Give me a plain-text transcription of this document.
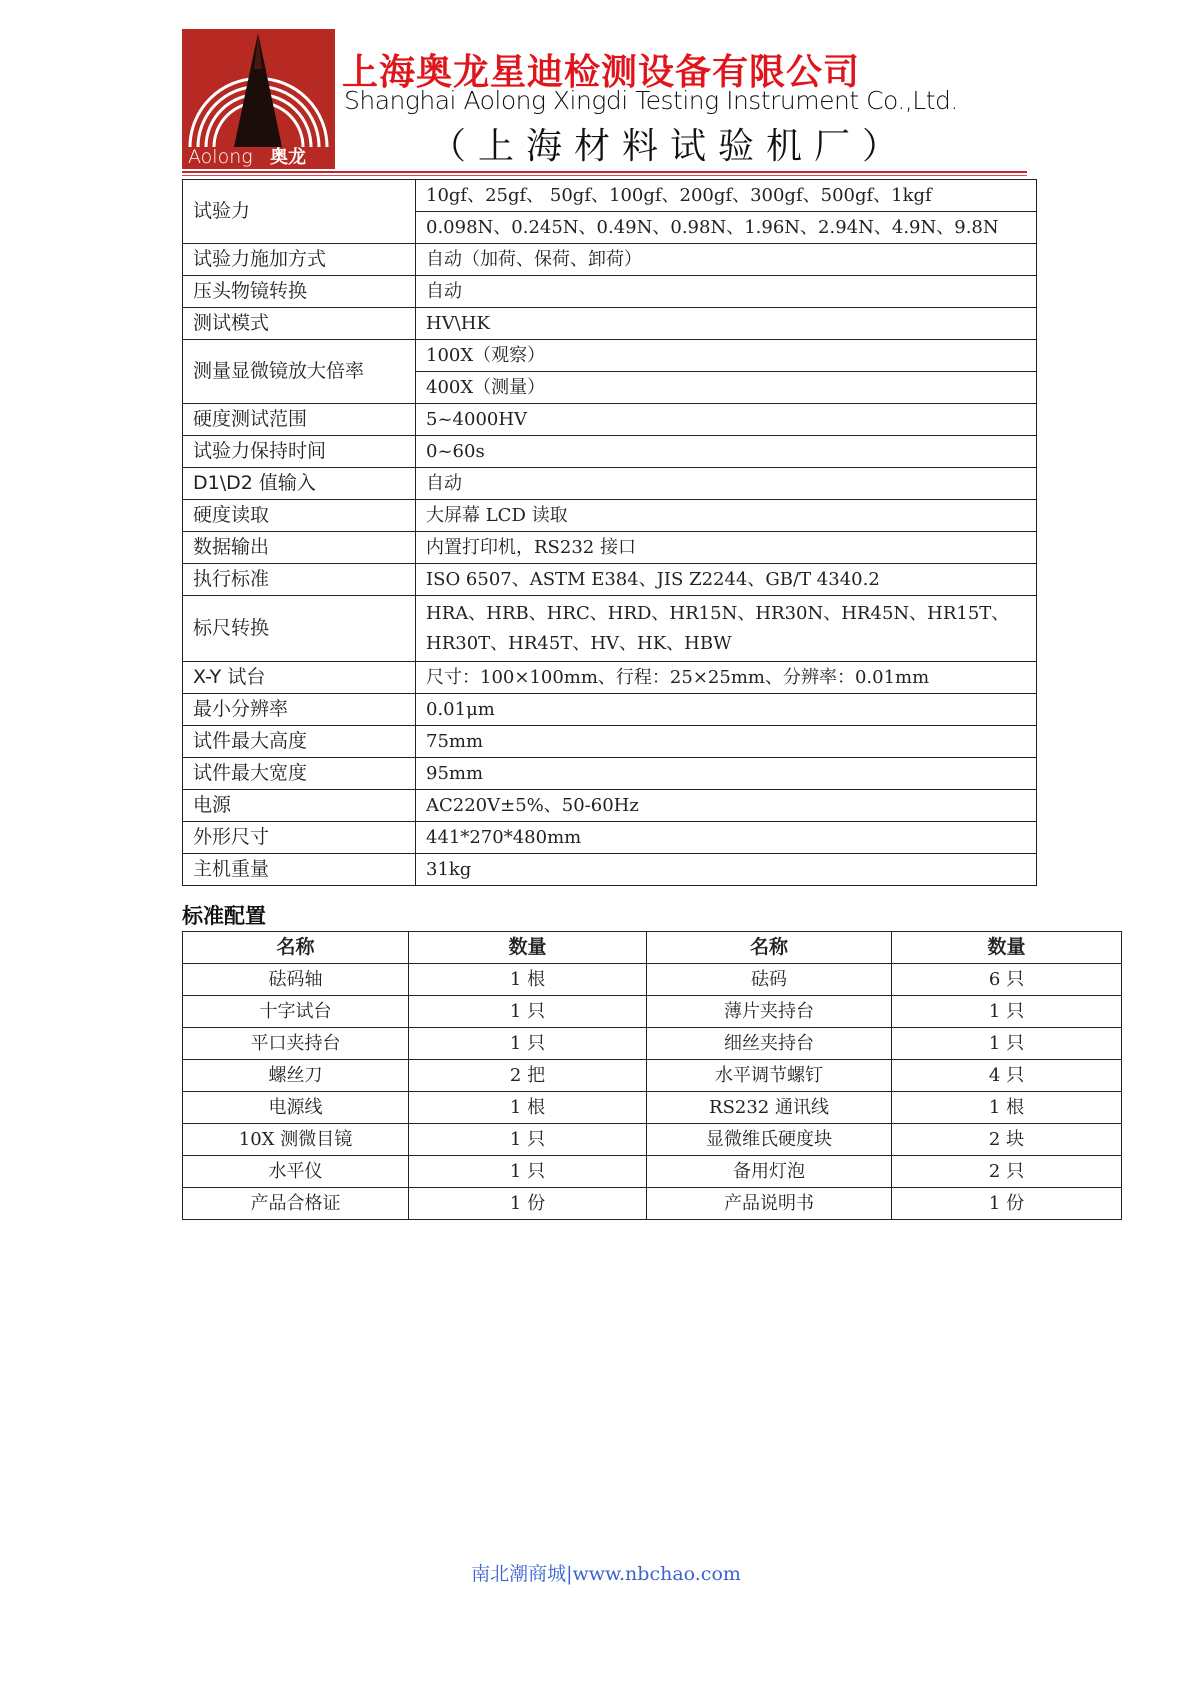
Aolong 奥龙
上海奥龙星迪检测设备有限公司
Shanghai Aolong Xingdi Testing Instrument Co.,Ltd.
（上海材料试验机厂）
试验力	10gf、25gf、 50gf、100gf、200gf、300gf、500gf、1kgf
	0.098N、0.245N、0.49N、0.98N、1.96N、2.94N、4.9N、9.8N
试验力施加方式	自动（加荷、保荷、卸荷）
压头物镜转换	自动
测试模式	HV\HK
测量显微镜放大倍率	100X（观察）
	400X（测量）
硬度测试范围	5~4000HV
试验力保持时间	0~60s
D1\D2 值输入	自动
硬度读取	大屏幕 LCD 读取
数据输出	内置打印机，RS232 接口
执行标准	ISO 6507、ASTM E384、JIS Z2244、GB/T 4340.2
标尺转换	HRA、HRB、HRC、HRD、HR15N、HR30N、HR45N、HR15T、HR30T、HR45T、HV、HK、HBW
X-Y 试台	尺寸：100×100mm、行程：25×25mm、分辨率：0.01mm
最小分辨率	0.01μm
试件最大高度	75mm
试件最大宽度	95mm
电源	AC220V±5%、50-60Hz
外形尺寸	441*270*480mm
主机重量	31kg
标准配置
名称	数量	名称	数量
砝码轴	1 根	砝码	6 只
十字试台	1 只	薄片夹持台	1 只
平口夹持台	1 只	细丝夹持台	1 只
螺丝刀	2 把	水平调节螺钉	4 只
电源线	1 根	RS232 通讯线	1 根
10X 测微目镜	1 只	显微维氏硬度块	2 块
水平仪	1 只	备用灯泡	2 只
产品合格证	1 份	产品说明书	1 份
南北潮商城|www.nbchao.com
